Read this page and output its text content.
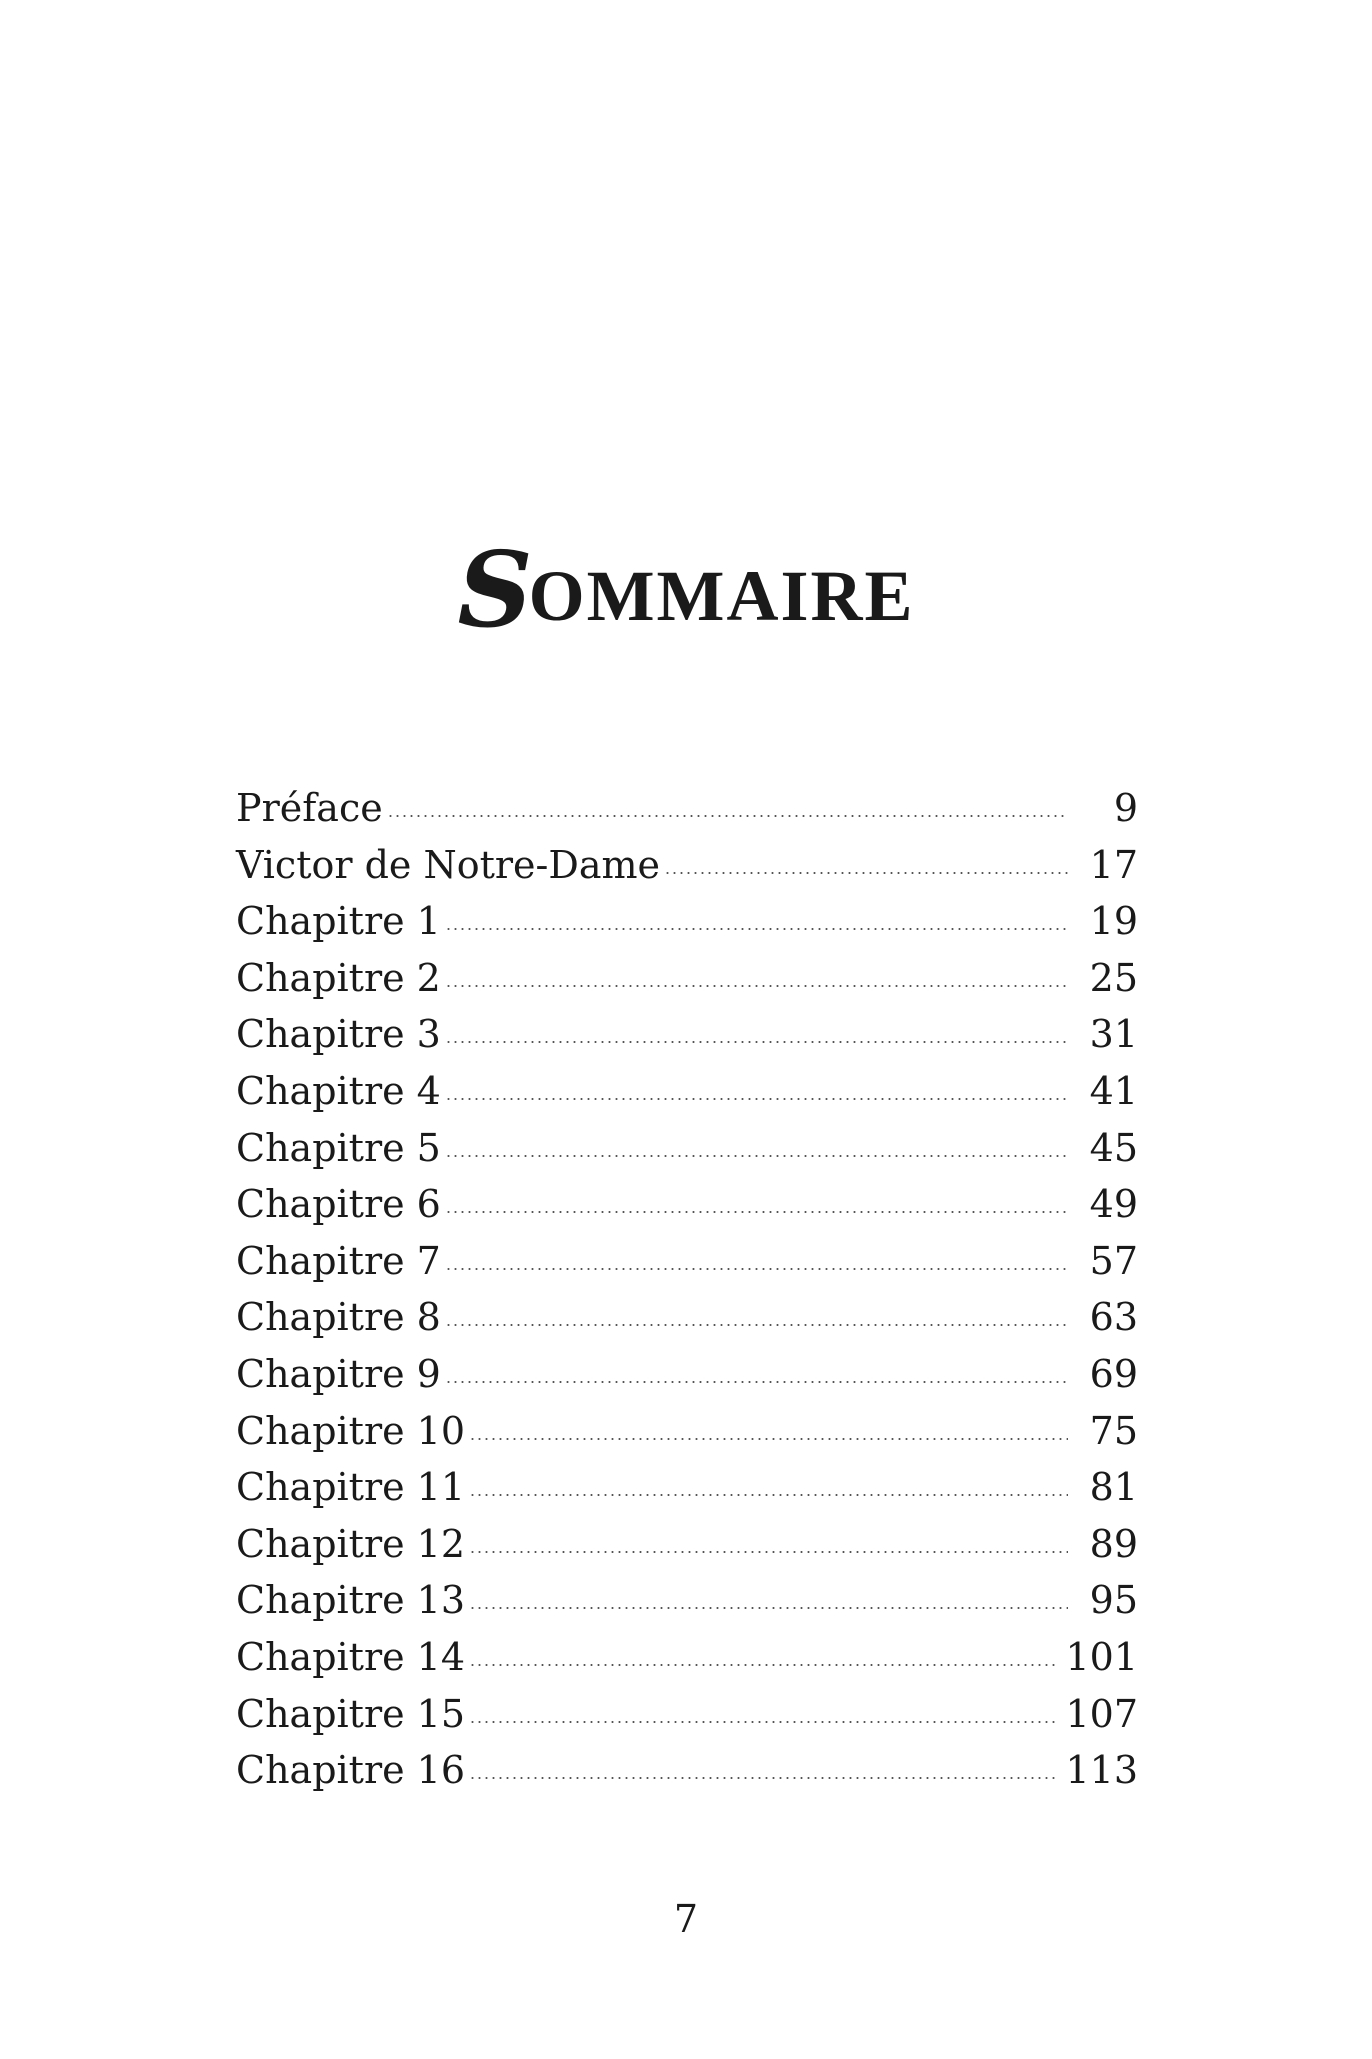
SOMMAIRE
Préface	9
Victor de Notre-Dame	17
Chapitre 1	19
Chapitre 2	25
Chapitre 3	31
Chapitre 4	41
Chapitre 5	45
Chapitre 6	49
Chapitre 7	57
Chapitre 8	63
Chapitre 9	69
Chapitre 10	75
Chapitre 11	81
Chapitre 12	89
Chapitre 13	95
Chapitre 14	101
Chapitre 15	107
Chapitre 16	113
7
